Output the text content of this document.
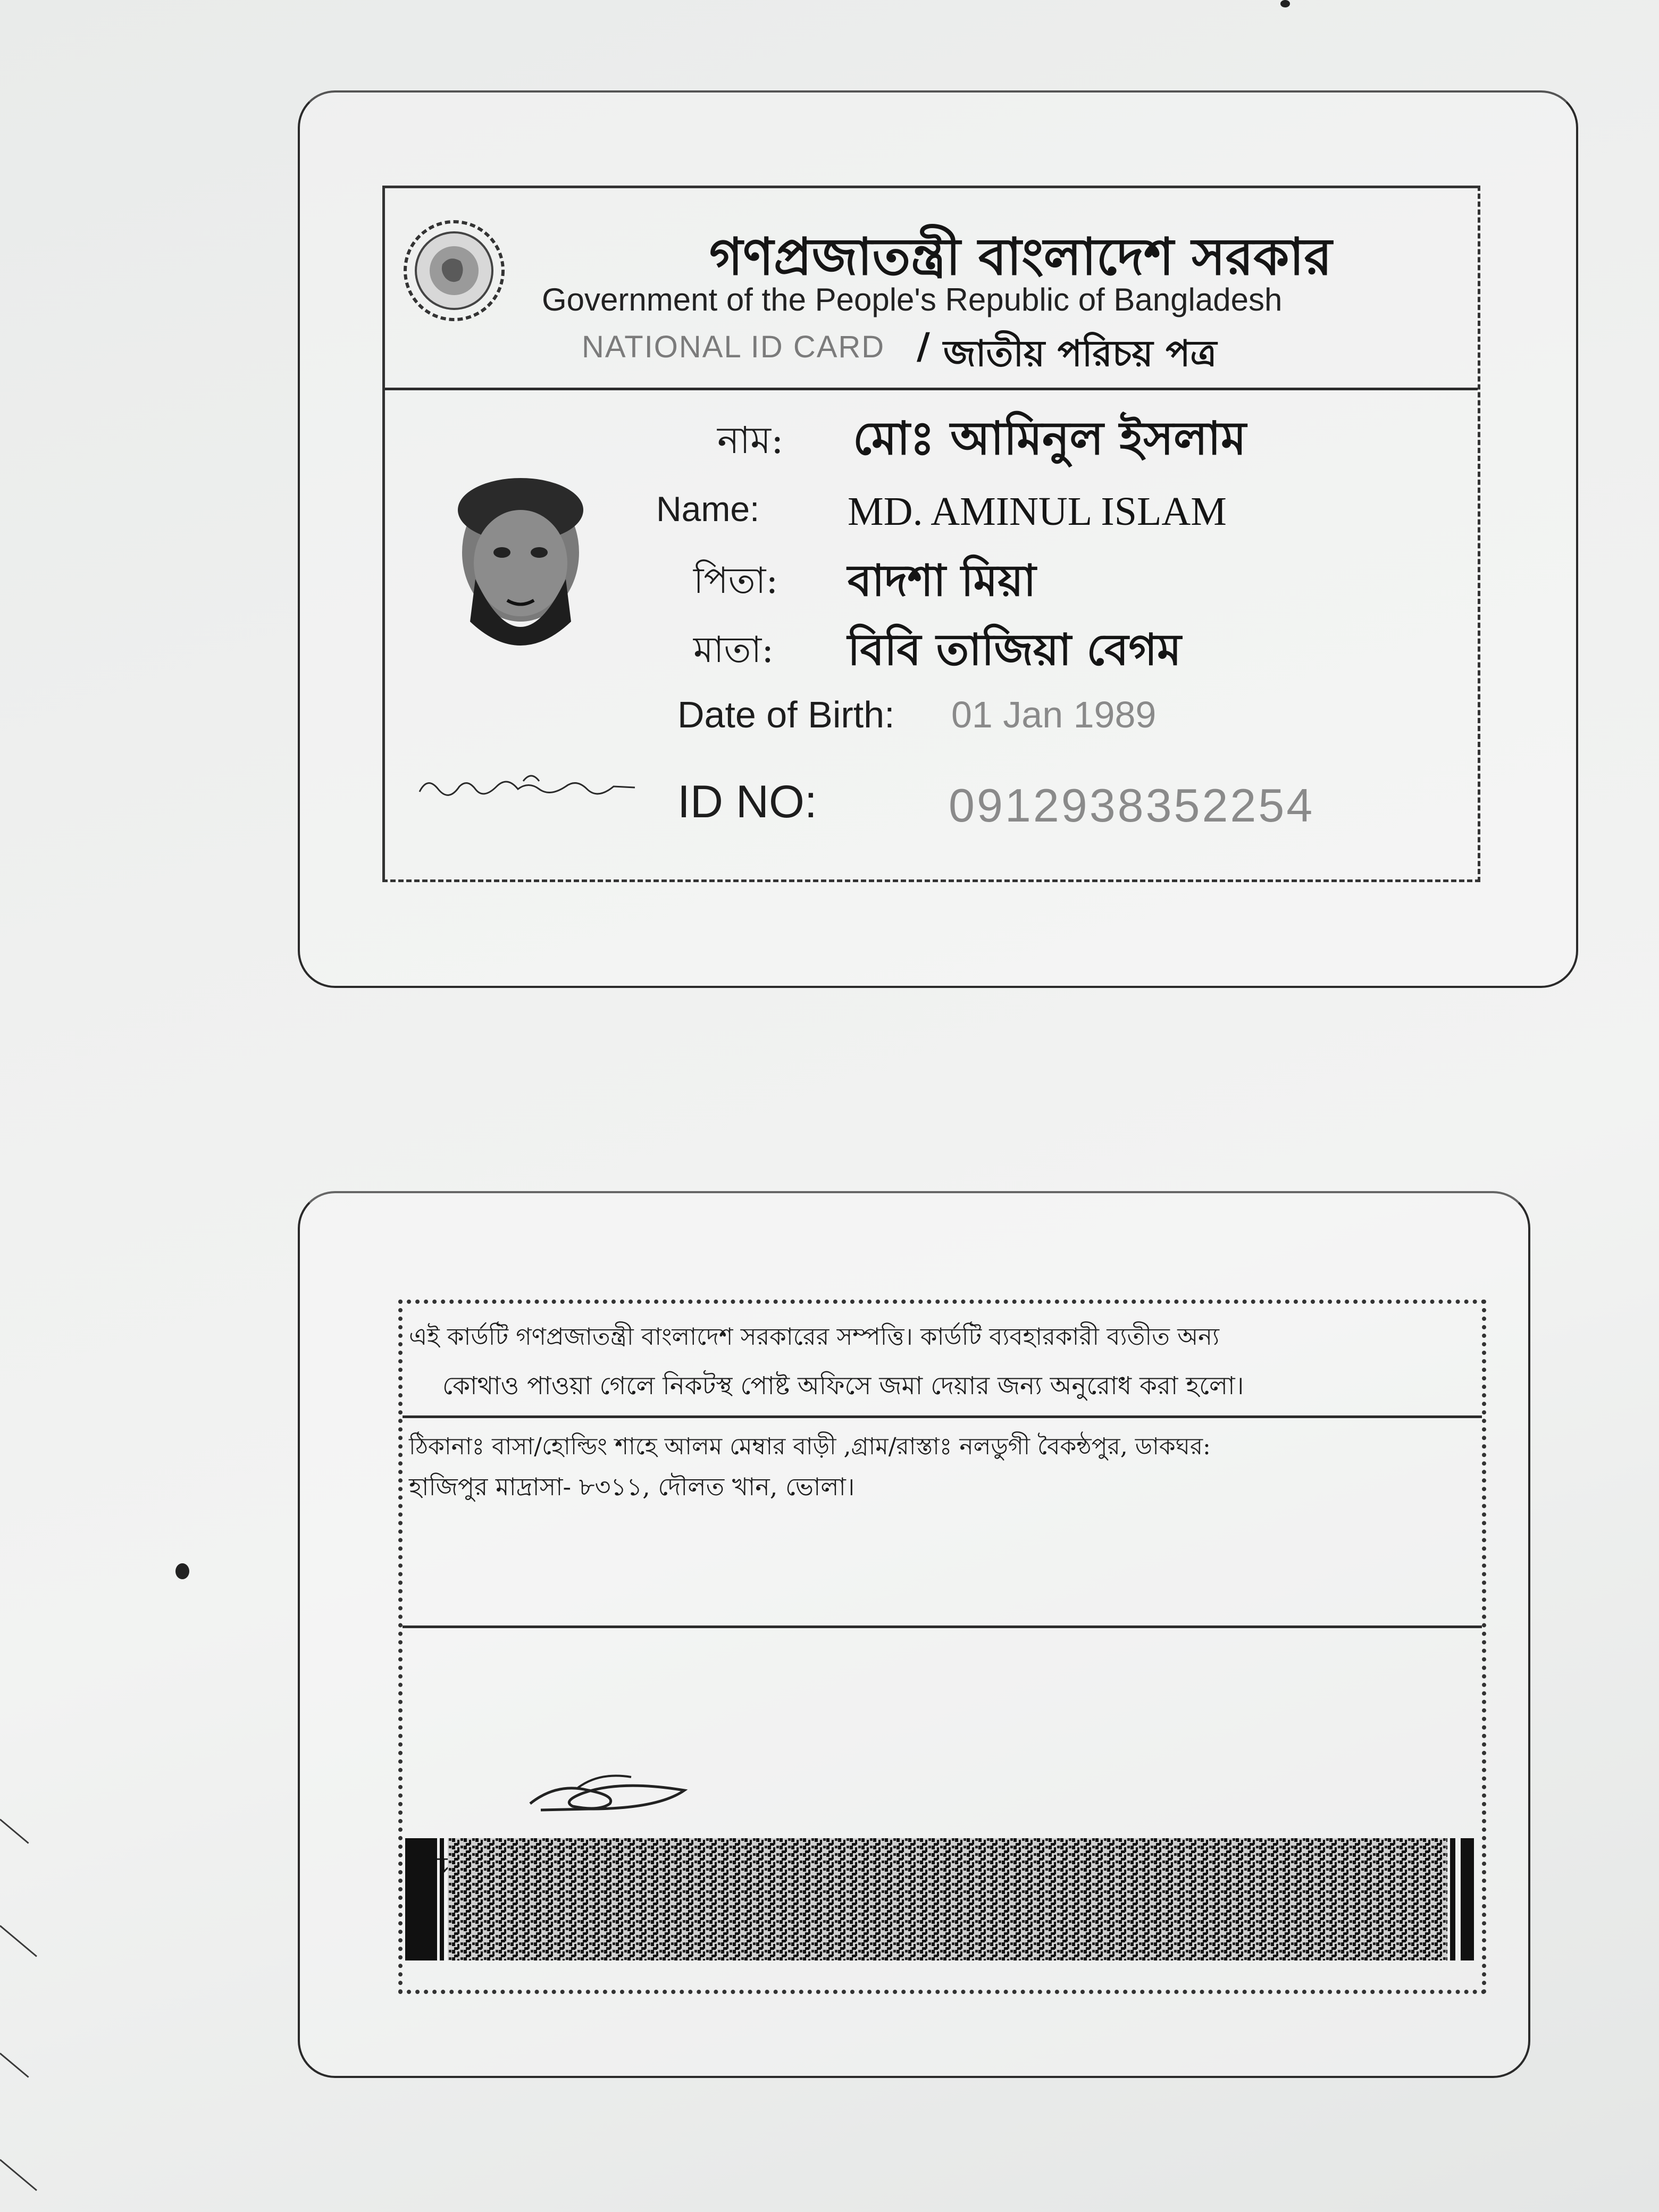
গণপ্রজাতন্ত্রী বাংলাদেশ সরকার
Government of the People's Republic of Bangladesh
NATIONAL ID CARD / জাতীয় পরিচয় পত্র
নাম: মোঃ আমিনুল ইসলাম
Name: MD. AMINUL ISLAM
পিতা: বাদশা মিয়া
মাতা: বিবি তাজিয়া বেগম
Date of Birth: 01 Jan 1989
ID NO:	0912938352254
এই কার্ডটি গণপ্রজাতন্ত্রী বাংলাদেশ সরকারের সম্পত্তি। কার্ডটি ব্যবহারকারী ব্যতীত অন্য
কোথাও পাওয়া গেলে নিকটস্থ পোষ্ট অফিসে জমা দেয়ার জন্য অনুরোধ করা হলো।
ঠিকানাঃ বাসা/হোল্ডিং শাহে আলম মেম্বার বাড়ী ,গ্রাম/রাস্তাঃ নলডুগী বৈকন্ঠপুর, ডাকঘর:
হাজিপুর মাদ্রাসা- ৮৩১১, দৌলত খান, ভোলা।
